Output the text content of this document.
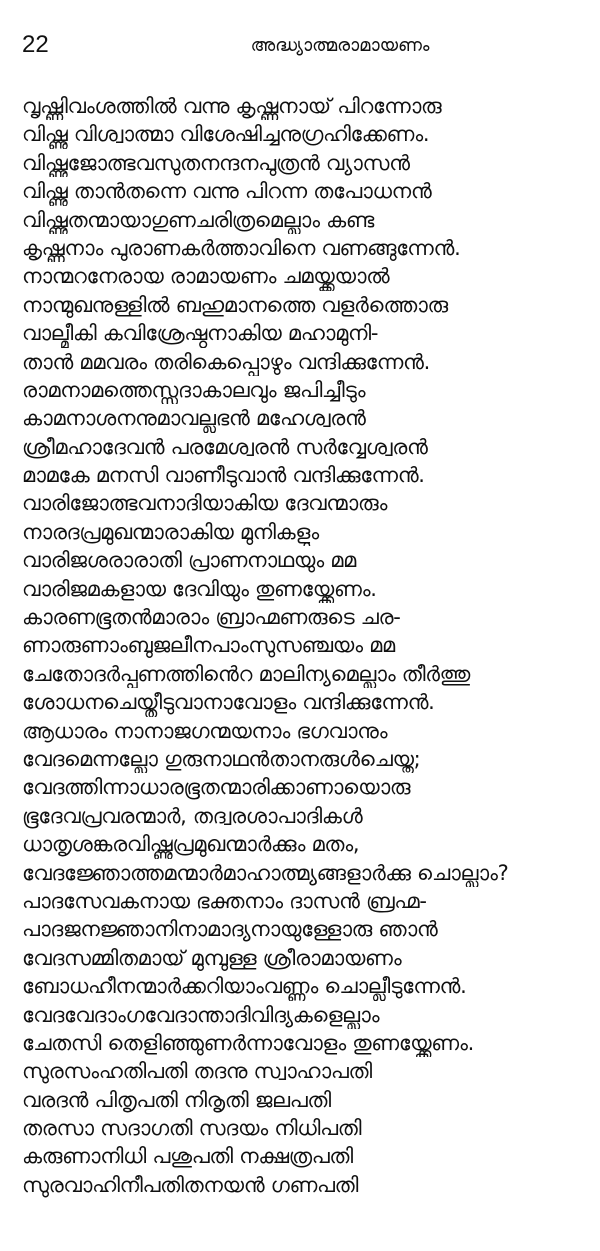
22	അദ്ധ്യാത്മരാമായണം
വൃഷ്ണിവംശത്തിൽ വന്നു കൃഷ്ണനായ് പിറന്നോരു
വിഷ്ണു വിശ്വാത്മാ വിശേഷിച്ചനുഗ്രഹിക്കേണം.
വിഷ്ണുജോത്ഭവസുതനന്ദനപുത്രൻ വ്യാസൻ
വിഷ്ണു താൻതന്നെ വന്നു പിറന്ന തപോധനൻ
വിഷ്ണുതന്മായാഗുണചരിത്രമെല്ലാം കണ്ട
കൃഷ്ണനാം പുരാണകർത്താവിനെ വണങ്ങുന്നേൻ.
നാന്മറനേരായ രാമായണം ചമയ്ക്കയാൽ
നാന്മുഖനുള്ളിൽ ബഹുമാനത്തെ വളർത്തൊരു
വാല്മീകി കവിശ്രേഷ്ഠനാകിയ മഹാമുനി-
താൻ മമവരം തരികെപ്പൊഴും വന്ദിക്കുന്നേൻ.
രാമനാമത്തെസ്സദാകാലവും ജപിച്ചീടും
കാമനാശനനുമാവല്ലഭൻ മഹേശ്വരൻ
ശ്രീമഹാദേവൻ പരമേശ്വരൻ സർവ്വേശ്വരൻ
മാമകേ മനസി വാണീടുവാൻ വന്ദിക്കുന്നേൻ.
വാരിജോത്ഭവനാദിയാകിയ ദേവന്മാരും
നാരദപ്രമുഖന്മാരാകിയ മുനികളും
വാരിജശരാരാതി പ്രാണനാഥയും മമ
വാരിജമകളായ ദേവിയും തുണയ്ക്കേണം.
കാരണഭൂതൻമാരാം ബ്രാഹ്മണരുടെ ചര-
ണാരുണാംബുജലീനപാംസുസഞ്ചയം മമ
ചേതോദർപ്പണത്തിൻെറ മാലിന്യമെല്ലാം തീർത്തു
ശോധനചെയ്തീടുവാനാവോളം വന്ദിക്കുന്നേൻ.
ആധാരം നാനാജഗന്മയനാം ഭഗവാനും
വേദമെന്നല്ലോ ഗുരുനാഥൻതാനരുൾചെയ്തു;
വേദത്തിന്നാധാരഭൂതന്മാരിക്കാണായൊരു
ഭൂദേവപ്രവരന്മാർ, തദ്വരശാപാദികൾ
ധാതൃശങ്കരവിഷ്ണുപ്രമുഖന്മാർക്കും മതം,
വേദജ്ഞോത്തമന്മാർമാഹാത്മ്യങ്ങളാർക്കു ചൊല്ലാം?
പാദസേവകനായ ഭക്തനാം ദാസൻ ബ്രഹ്മ-
പാദജനജ്ഞാനിനാമാദ്യനായുള്ളോരു ഞാൻ
വേദസമ്മിതമായ് മുമ്പുള്ള ശ്രീരാമായണം
ബോധഹീനന്മാർക്കറിയാംവണ്ണം ചൊല്ലീടുന്നേൻ.
വേദവേദാംഗവേദാന്താദിവിദ്യകളെല്ലാം
ചേതസി തെളിഞ്ഞുണർന്നാവോളം തുണയ്ക്കേണം.
സുരസംഹതിപതി തദനു സ്വാഹാപതി
വരദൻ പിതൃപതി നിരൃതി ജലപതി
തരസാ സദാഗതി സദയം നിധിപതി
കരുണാനിധി പശുപതി നക്ഷത്രപതി
സുരവാഹിനീപതിതനയൻ ഗണപതി
